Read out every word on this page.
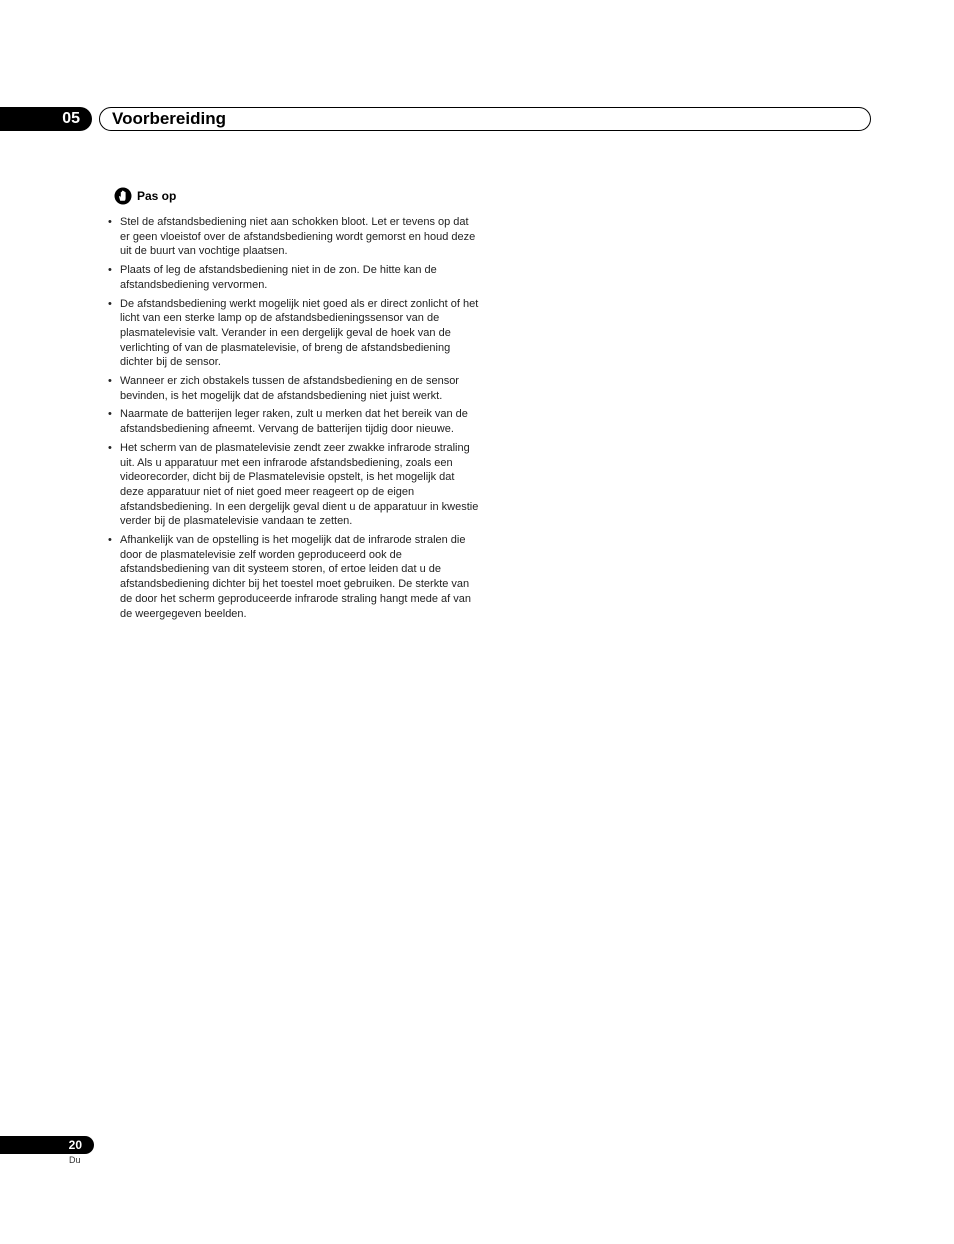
05	Voorbereiding
Pas op
• Stel de afstandsbediening niet aan schokken bloot. Let er tevens op dat er geen vloeistof over de afstandsbediening wordt gemorst en houd deze uit de buurt van vochtige plaatsen.
• Plaats of leg de afstandsbediening niet in de zon. De hitte kan de afstandsbediening vervormen.
• De afstandsbediening werkt mogelijk niet goed als er direct zonlicht of het licht van een sterke lamp op de afstandsbedieningssensor van de plasmatelevisie valt. Verander in een dergelijk geval de hoek van de verlichting of van de plasmatelevisie, of breng de afstandsbediening dichter bij de sensor.
• Wanneer er zich obstakels tussen de afstandsbediening en de sensor bevinden, is het mogelijk dat de afstandsbediening niet juist werkt.
• Naarmate de batterijen leger raken, zult u merken dat het bereik van de afstandsbediening afneemt. Vervang de batterijen tijdig door nieuwe.
• Het scherm van de plasmatelevisie zendt zeer zwakke infrarode straling uit. Als u apparatuur met een infrarode afstandsbediening, zoals een videorecorder, dicht bij de Plasmatelevisie opstelt, is het mogelijk dat deze apparatuur niet of niet goed meer reageert op de eigen afstandsbediening. In een dergelijk geval dient u de apparatuur in kwestie verder bij de plasmatelevisie vandaan te zetten.
• Afhankelijk van de opstelling is het mogelijk dat de infrarode stralen die door de plasmatelevisie zelf worden geproduceerd ook de afstandsbediening van dit systeem storen, of ertoe leiden dat u de afstandsbediening dichter bij het toestel moet gebruiken. De sterkte van de door het scherm geproduceerde infrarode straling hangt mede af van de weergegeven beelden.
20
Du
